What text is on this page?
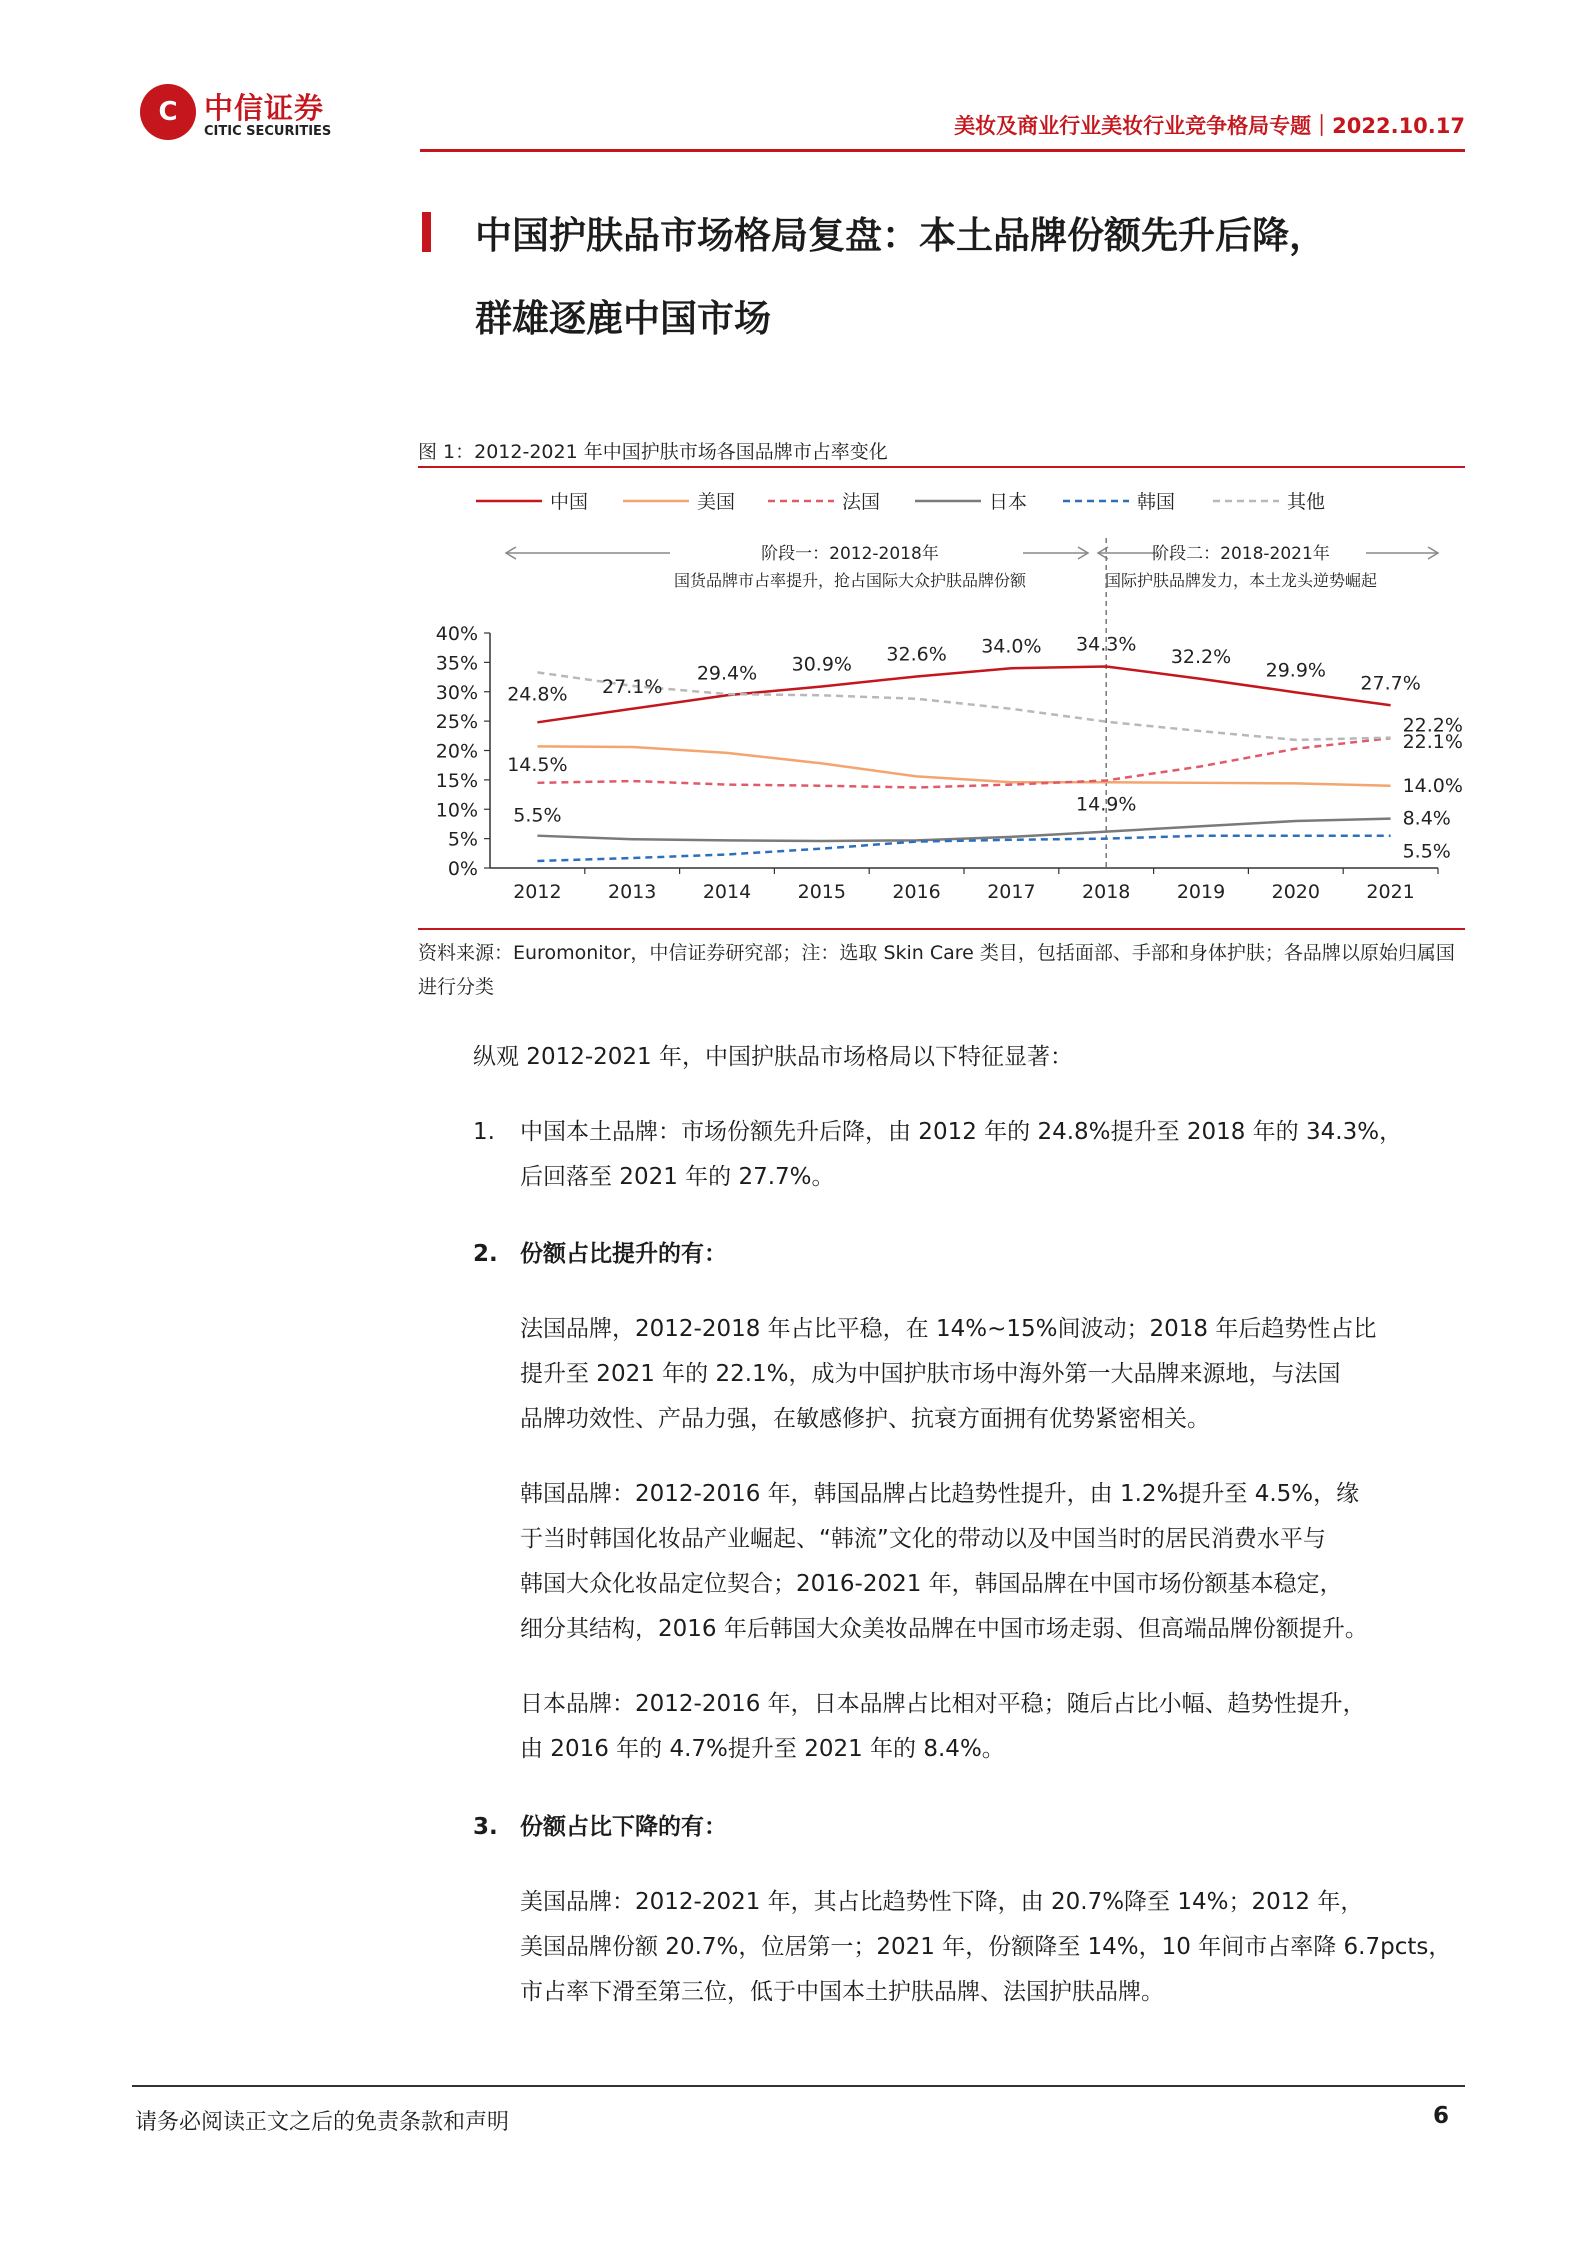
C 中信证券
CITIC SECURITIES	美妆及商业行业美妆行业竞争格局专题｜2022.10.17
中国护肤品市场格局复盘：本土品牌份额先升后降，
群雄逐鹿中国市场
图 1：2012-2021 年中国护肤市场各国品牌市占率变化
中国	美国	法国	日本	韩国	其他
阶段一：2012-2018年
国货品牌市占率提升，抢占国际大众护肤品牌份额
阶段二：2018-2021年
国际护肤品牌发力，本土龙头逆势崛起
0%
5%
10%
15%
20%
25%
30%
35%
40%
2012 2013 2014 2015 2016 2017 2018 2019 2020 2021
24.8% 27.1%
29.4% 30.9% 32.6% 34.0% 34.3%
32.2%
29.9%
27.7%
14.5%
14.9%
22.2%
22.1%
14.0%
8.4%
5.5%
5.5%
资料来源：Euromonitor，中信证券研究部；注：选取 Skin Care 类目，包括面部、手部和身体护肤；各品牌以原始归属国进行分类
纵观 2012-2021 年，中国护肤品市场格局以下特征显著：
1. 中国本土品牌：市场份额先升后降，由 2012 年的 24.8%提升至 2018 年的 34.3%，
后回落至 2021 年的 27.7%。
2. 份额占比提升的有：
法国品牌，2012-2018 年占比平稳，在 14%~15%间波动；2018 年后趋势性占比
提升至 2021 年的 22.1%，成为中国护肤市场中海外第一大品牌来源地，与法国
品牌功效性、产品力强，在敏感修护、抗衰方面拥有优势紧密相关。
韩国品牌：2012-2016 年，韩国品牌占比趋势性提升，由 1.2%提升至 4.5%，缘
于当时韩国化妆品产业崛起、“韩流”文化的带动以及中国当时的居民消费水平与
韩国大众化妆品定位契合；2016-2021 年，韩国品牌在中国市场份额基本稳定，
细分其结构，2016 年后韩国大众美妆品牌在中国市场走弱、但高端品牌份额提升。
日本品牌：2012-2016 年，日本品牌占比相对平稳；随后占比小幅、趋势性提升，
由 2016 年的 4.7%提升至 2021 年的 8.4%。
3. 份额占比下降的有：
美国品牌：2012-2021 年，其占比趋势性下降，由 20.7%降至 14%；2012 年，
美国品牌份额 20.7%，位居第一；2021 年，份额降至 14%，10 年间市占率降 6.7pcts，
市占率下滑至第三位，低于中国本土护肤品牌、法国护肤品牌。
请务必阅读正文之后的免责条款和声明	6
